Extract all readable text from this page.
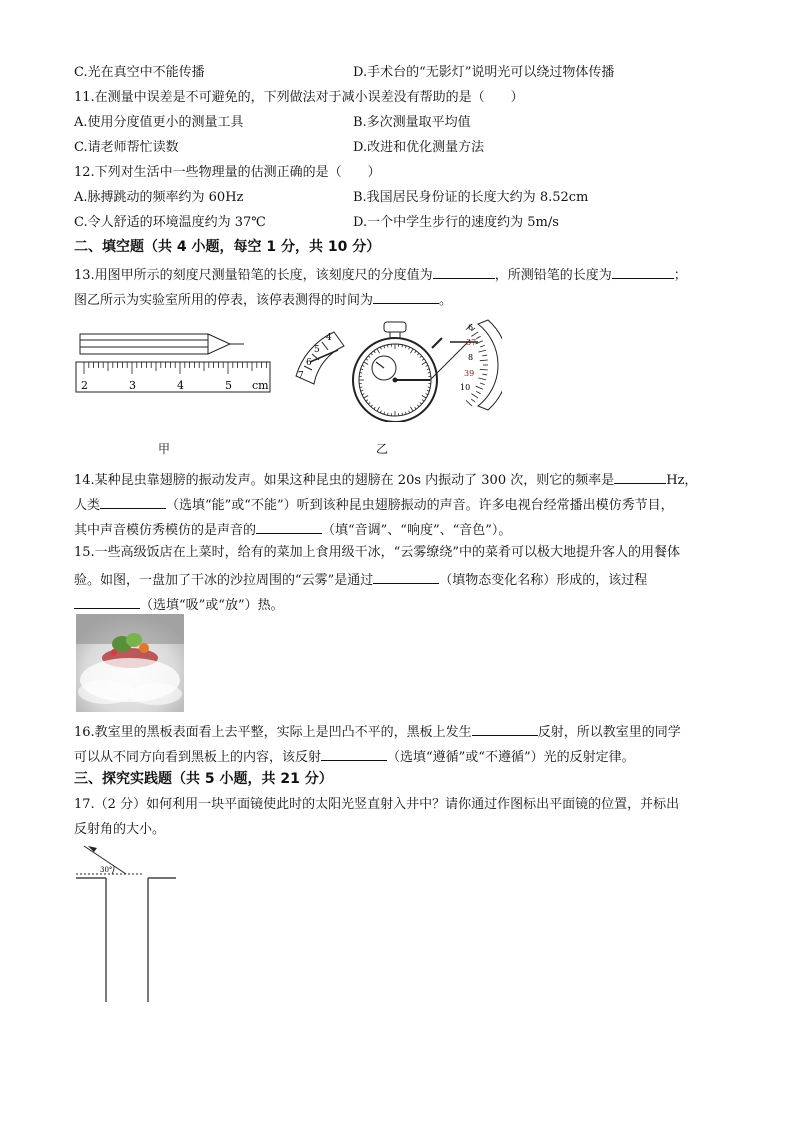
C.光在真空中不能传播	D.手术台的“无影灯”说明光可以绕过物体传播
11.在测量中误差是不可避免的，下列做法对于减小误差没有帮助的是（　　）
A.使用分度值更小的测量工具	B.多次测量取平均值
C.请老师帮忙读数	D.改进和优化测量方法
12.下列对生活中一些物理量的估测正确的是（　　）
A.脉搏跳动的频率约为 60Hz	B.我国居民身份证的长度大约为 8.52cm
C.令人舒适的环境温度约为 37℃	D.一个中学生步行的速度约为 5m/s
二、填空题（共 4 小题，每空 1 分，共 10 分）
13.用图甲所示的刻度尺测量铅笔的长度，该刻度尺的分度值为	，所测铅笔的长度为	；
图乙所示为实验室所用的停表，该停表测得的时间为	。
2	3	4	5 cm
甲
4
5
6
7
6
37
8
39
10
乙
14.某种昆虫靠翅膀的振动发声。如果这种昆虫的翅膀在 20s 内振动了 300 次，则它的频率是	Hz，
人类	（选填“能”或“不能”）听到该种昆虫翅膀振动的声音。许多电视台经常播出模仿秀节目，
其中声音模仿秀模仿的是声音的	（填“音调”、“响度”、“音色”）。
15.一些高级饭店在上菜时，给有的菜加上食用级干冰，“云雾缭绕”中的菜肴可以极大地提升客人的用餐体
验。如图，一盘加了干冰的沙拉周围的“云雾”是通过	（填物态变化名称）形成的，该过程
（选填“吸”或“放”）热。
16.教室里的黑板表面看上去平整，实际上是凹凸不平的，黑板上发生	反射，所以教室里的同学
可以从不同方向看到黑板上的内容，该反射	（选填“遵循”或“不遵循”）光的反射定律。
三、探究实践题（共 5 小题，共 21 分）
17.（2 分）如何利用一块平面镜使此时的太阳光竖直射入井中？请你通过作图标出平面镜的位置，并标出
反射角的大小。
30°
